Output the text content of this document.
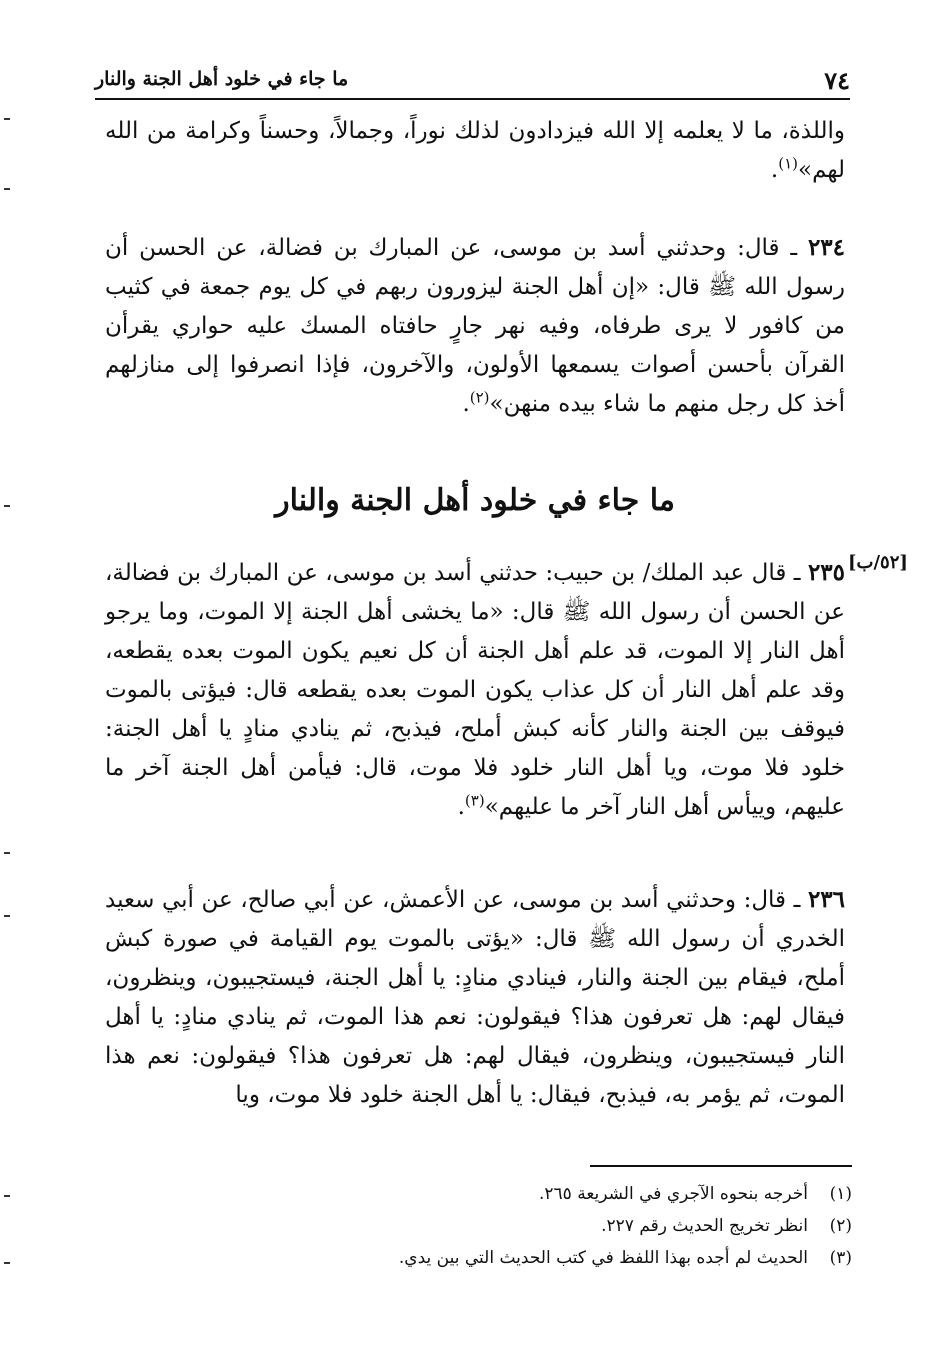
٧٤
ما جاء في خلود أهل الجنة والنار

واللذة، ما لا يعلمه إلا الله فيزدادون لذلك نوراً، وجمالاً، وحسناً وكرامة من الله لهم»$^{(١)}$.

٢٣٤ ـ قال: وحدثني أسد بن موسى، عن المبارك بن فضالة، عن الحسن أن رسول الله ﷺ قال: «إن أهل الجنة ليزورون ربهم في كل يوم جمعة في كثيب من كافور لا يرى طرفاه، وفيه نهر جارٍ حافتاه المسك عليه حواري يقرأن القرآن بأحسن أصوات يسمعها الأولون، والآخرون، فإذا انصرفوا إلى منازلهم أخذ كل رجل منهم ما شاء بيده منهن»$^{(٢)}$.

ما جاء في خلود أهل الجنة والنار
[٥٢/ب]

٢٣٥ ـ قال عبد الملك/ بن حبيب: حدثني أسد بن موسى، عن المبارك بن فضالة، عن الحسن أن رسول الله ﷺ قال: «ما يخشى أهل الجنة إلا الموت، وما يرجو أهل النار إلا الموت، قد علم أهل الجنة أن كل نعيم يكون الموت بعده يقطعه، وقد علم أهل النار أن كل عذاب يكون الموت بعده يقطعه قال: فيؤتى بالموت فيوقف بين الجنة والنار كأنه كبش أملح، فيذبح، ثم ينادي منادٍ يا أهل الجنة: خلود فلا موت، ويا أهل النار خلود فلا موت، قال: فيأمن أهل الجنة آخر ما عليهم، وييأس أهل النار آخر ما عليهم»$^{(٣)}$.

٢٣٦ ـ قال: وحدثني أسد بن موسى، عن الأعمش، عن أبي صالح، عن أبي سعيد الخدري أن رسول الله ﷺ قال: «يؤتى بالموت يوم القيامة في صورة كبش أملح، فيقام بين الجنة والنار، فينادي منادٍ: يا أهل الجنة، فيستجيبون، وينظرون، فيقال لهم: هل تعرفون هذا؟ فيقولون: نعم هذا الموت، ثم ينادي منادٍ: يا أهل النار فيستجيبون، وينظرون، فيقال لهم: هل تعرفون هذا؟ فيقولون: نعم هذا الموت، ثم يؤمر به، فيذبح، فيقال: يا أهل الجنة خلود فلا موت، ويا

(١)
أخرجه بنحوه الآجري في الشريعة ٢٦٥.
(٢)
انظر تخريج الحديث رقم ٢٢٧.
(٣)
الحديث لم أجده بهذا اللفظ في كتب الحديث التي بين يدي.
